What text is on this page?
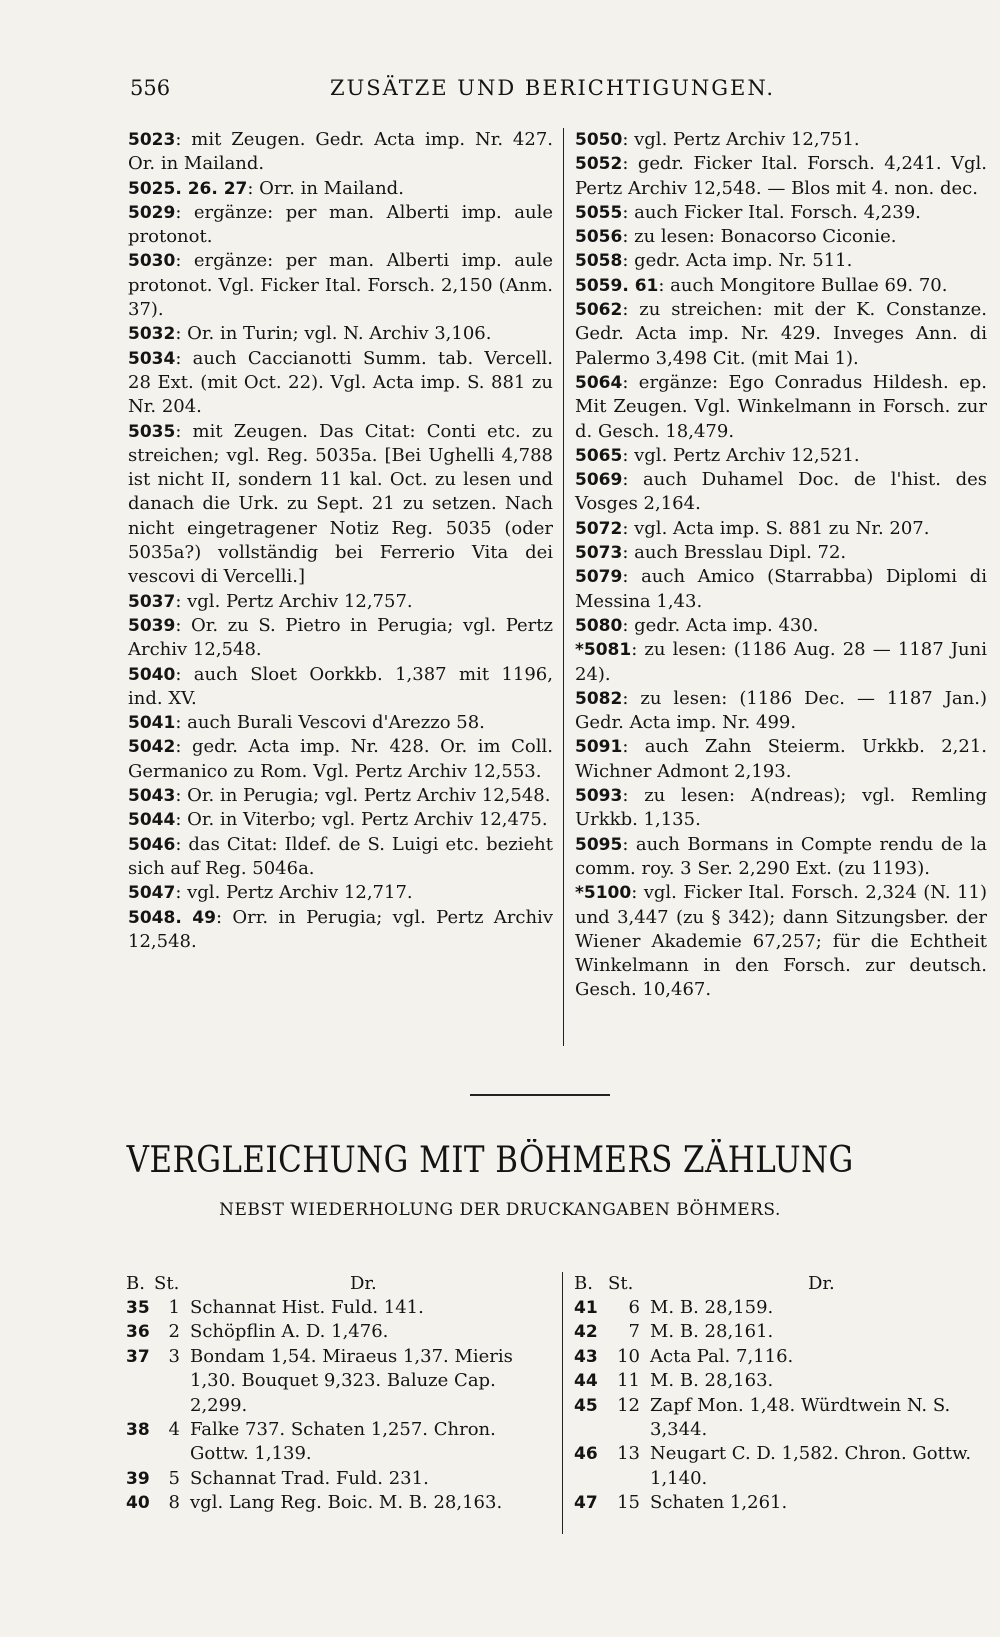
556	ZUSÄTZE UND BERICHTIGUNGEN.

5023: mit Zeugen. Gedr. Acta imp. Nr. 427. Or. in Mailand.

5025. 26. 27: Orr. in Mailand.

5029: ergänze: per man. Alberti imp. aule protonot.

5030: ergänze: per man. Alberti imp. aule protonot. Vgl. Ficker Ital. Forsch. 2,150 (Anm. 37).

5032: Or. in Turin; vgl. N. Archiv 3,106.

5034: auch Caccianotti Summ. tab. Vercell. 28 Ext. (mit Oct. 22). Vgl. Acta imp. S. 881 zu Nr. 204.

5035: mit Zeugen. Das Citat: Conti etc. zu streichen; vgl. Reg. 5035a. [Bei Ughelli 4,788 ist nicht II, sondern 11 kal. Oct. zu lesen und danach die Urk. zu Sept. 21 zu setzen. Nach nicht eingetragener Notiz Reg. 5035 (oder 5035a?) vollständig bei Ferrerio Vita dei vescovi di Vercelli.]

5037: vgl. Pertz Archiv 12,757.

5039: Or. zu S. Pietro in Perugia; vgl. Pertz Archiv 12,548.

5040: auch Sloet Oorkkb. 1,387 mit 1196, ind. XV.

5041: auch Burali Vescovi d'Arezzo 58.

5042: gedr. Acta imp. Nr. 428. Or. im Coll. Germanico zu Rom. Vgl. Pertz Archiv 12,553.

5043: Or. in Perugia; vgl. Pertz Archiv 12,548.

5044: Or. in Viterbo; vgl. Pertz Archiv 12,475.

5046: das Citat: Ildef. de S. Luigi etc. bezieht sich auf Reg. 5046a.

5047: vgl. Pertz Archiv 12,717.

5048. 49: Orr. in Perugia; vgl. Pertz Archiv 12,548.

5050: vgl. Pertz Archiv 12,751.

5052: gedr. Ficker Ital. Forsch. 4,241. Vgl. Pertz Archiv 12,548. — Blos mit 4. non. dec.

5055: auch Ficker Ital. Forsch. 4,239.

5056: zu lesen: Bonacorso Ciconie.

5058: gedr. Acta imp. Nr. 511.

5059. 61: auch Mongitore Bullae 69. 70.

5062: zu streichen: mit der K. Constanze. Gedr. Acta imp. Nr. 429. Inveges Ann. di Palermo 3,498 Cit. (mit Mai 1).

5064: ergänze: Ego Conradus Hildesh. ep. Mit Zeugen. Vgl. Winkelmann in Forsch. zur d. Gesch. 18,479.

5065: vgl. Pertz Archiv 12,521.

5069: auch Duhamel Doc. de l'hist. des Vosges 2,164.

5072: vgl. Acta imp. S. 881 zu Nr. 207.

5073: auch Bresslau Dipl. 72.

5079: auch Amico (Starrabba) Diplomi di Messina 1,43.

5080: gedr. Acta imp. 430.

*5081: zu lesen: (1186 Aug. 28 — 1187 Juni 24).

5082: zu lesen: (1186 Dec. — 1187 Jan.) Gedr. Acta imp. Nr. 499.

5091: auch Zahn Steierm. Urkkb. 2,21. Wichner Admont 2,193.

5093: zu lesen: A(ndreas); vgl. Remling Urkkb. 1,135.

5095: auch Bormans in Compte rendu de la comm. roy. 3 Ser. 2,290 Ext. (zu 1193).

*5100: vgl. Ficker Ital. Forsch. 2,324 (N. 11) und 3,447 (zu § 342); dann Sitzungsber. der Wiener Akademie 67,257; für die Echtheit Winkelmann in den Forsch. zur deutsch. Gesch. 10,467.

VERGLEICHUNG MIT BÖHMERS ZÄHLUNG
NEBST WIEDERHOLUNG DER DRUCKANGABEN BÖHMERS.
B. St.	Dr.
35	1 Schannat Hist. Fuld. 141.
36	2 Schöpflin A. D. 1,476.
37	3 Bondam 1,54. Miraeus 1,37. Mieris 1,30. Bouquet 9,323. Baluze Cap. 2,299.
38	4 Falke 737. Schaten 1,257. Chron. Gottw. 1,139.
39	5 Schannat Trad. Fuld. 231.
40	8 vgl. Lang Reg. Boic. M. B. 28,163.
B. St.	Dr.
41	6 M. B. 28,159.
42	7 M. B. 28,161.
43	10 Acta Pal. 7,116.
44	11 M. B. 28,163.
45	12 Zapf Mon. 1,48. Würdtwein N. S. 3,344.
46	13 Neugart C. D. 1,582. Chron. Gottw. 1,140.
47	15 Schaten 1,261.
